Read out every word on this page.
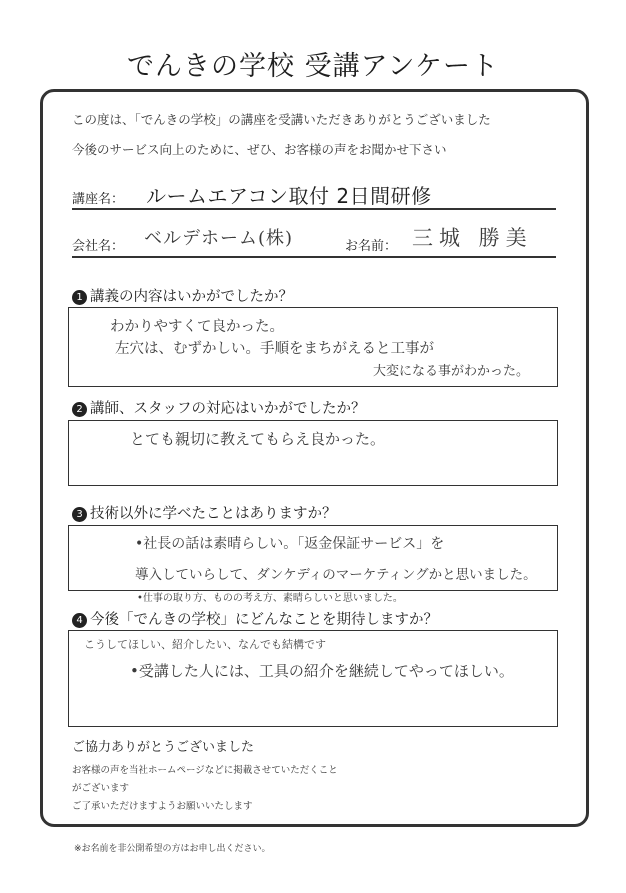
でんきの学校 受講アンケート
この度は、「でんきの学校」の講座を受講いただきありがとうございました
今後のサービス向上のために、ぜひ、お客様の声をお聞かせ下さい
講座名： ルームエアコン取付 2日間研修
会社名： ベルデホーム(株)	お名前： 三城 勝美
1 講義の内容はいかがでしたか？
わかりやすくて良かった。
左穴は、むずかしい。手順をまちがえると工事が
大変になる事がわかった。
2 講師、スタッフの対応はいかがでしたか？
とても親切に教えてもらえ良かった。
3 技術以外に学べたことはありますか？
•社長の話は素晴らしい。「返金保証サービス」を
導入していらして、ダンケディのマーケティングかと思いました。
•仕事の取り方、ものの考え方、素晴らしいと思いました。
4 今後「でんきの学校」にどんなことを期待しますか？
こうしてほしい、紹介したい、なんでも結構です
•受講した人には、工具の紹介を継続してやってほしい。
ご協力ありがとうございました
お客様の声を当社ホームページなどに掲載させていただくこと
がございます
ご了承いただけますようお願いいたします
※お名前を非公開希望の方はお申し出ください。
